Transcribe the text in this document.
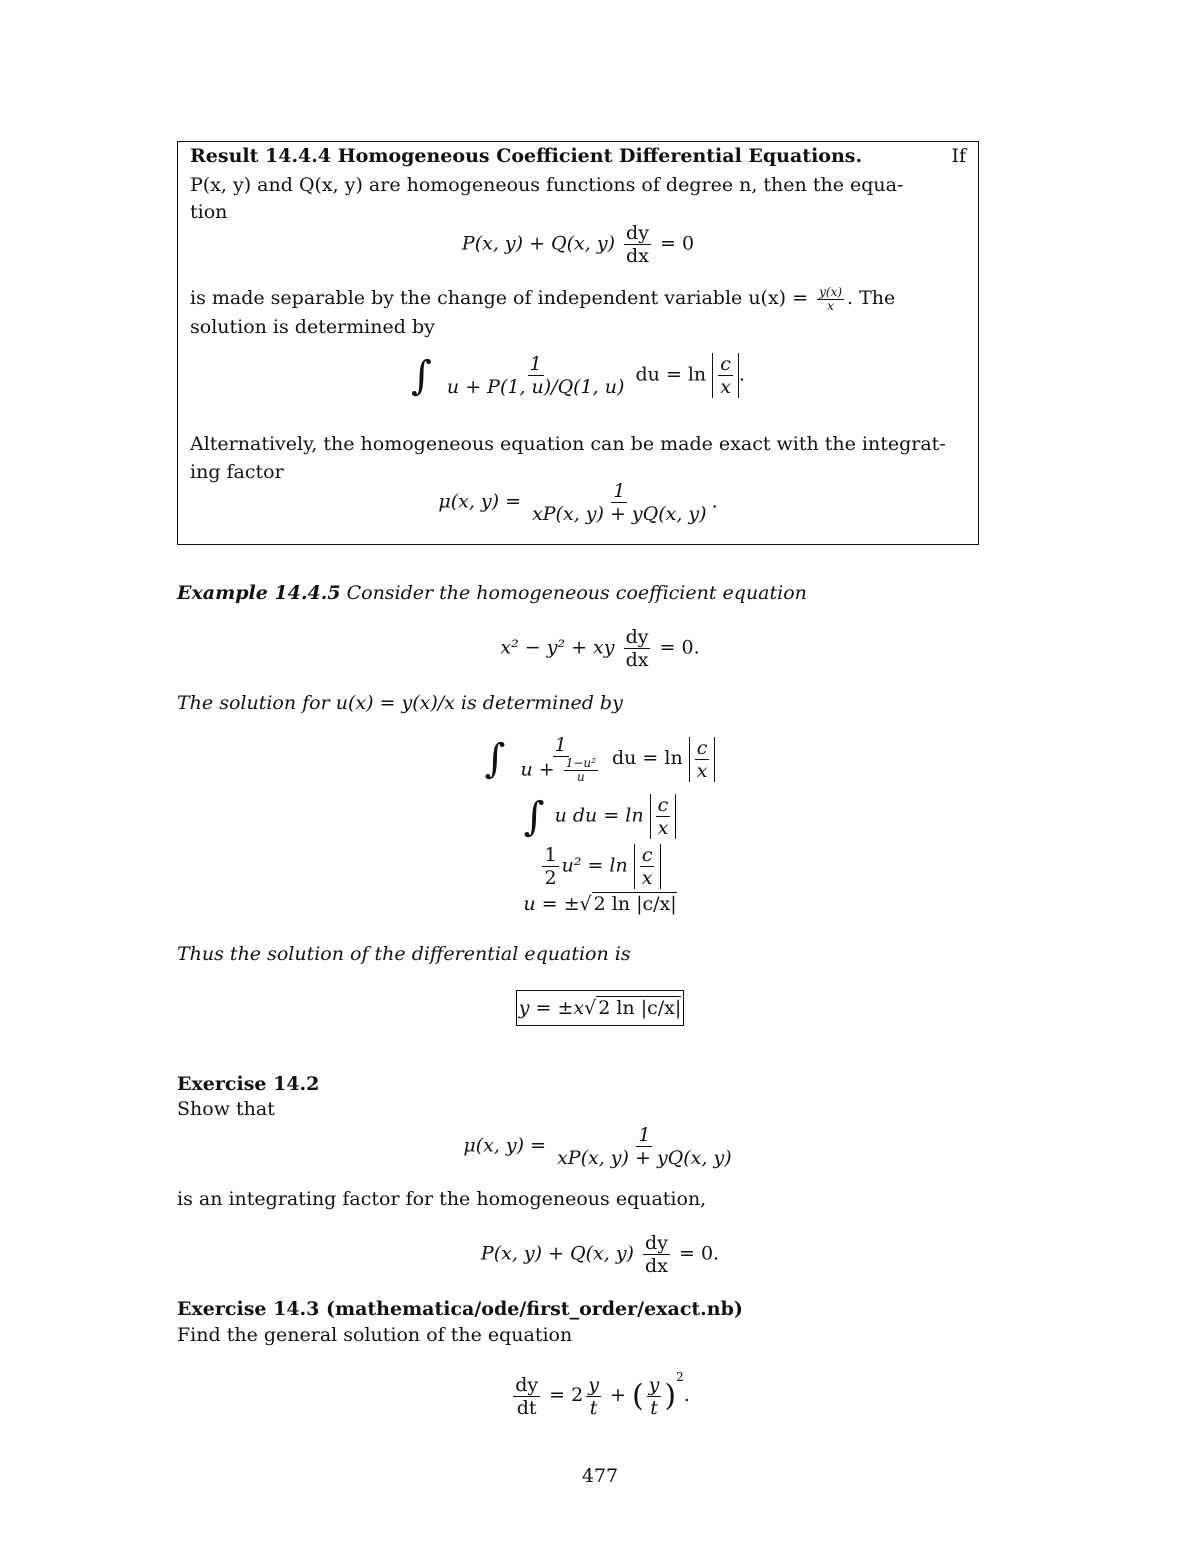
Result 14.4.4 Homogeneous Coefficient Differential Equations.	If
P(x, y) and Q(x, y) are homogeneous functions of degree n, then the equa-
tion
P(x, y) + Q(x, $y) \frac{dy}{dx} = 0$
is made separable by the change of independent variable $u(x) = \frac{y(x)}{x}$ . The
solution is determined by
∫ $\frac{1}{u + P(1, u)/Q(1, u)}$ du = $\ln \frac{c}{x}$ .
Alternatively, the homogeneous equation can be made exact with the integrat-
ing factor
μ(x, $y) = \frac{1}{xP(x, y) + yQ(x, y)}$ .
Example 14.4.5 Consider the homogeneous coefficient equation
x² − y² + xy $\frac{dy}{dx} = 0$.
The solution for u(x) = y(x)/x is determined by
∫ $\frac{1}{u + \frac{\text{1−u²}}{u}}$ du = $\ln \frac{c}{x}$
∫ u du = $\ln \frac{c}{x}$
$\frac{1}{2} u^2 = \ln \frac{c}{x}$
u = ±√ 2 ln |c/x|
Thus the solution of the differential equation is
y = ±x√ 2 ln |c/x|
Exercise 14.2
Show that
μ(x, $y) = \frac{1}{xP(x, y) + yQ(x, y)}$
is an integrating factor for the homogeneous equation,
P(x, y) + Q(x, $y) \frac{dy}{dx} = 0$.
Exercise 14.3 (mathematica/ode/first_order/exact.nb)
Find the general solution of the equation
$\frac{dy}{dt} = 2 \frac{y}{t}$ + ( $\frac{y}{t} )^2$.
477
